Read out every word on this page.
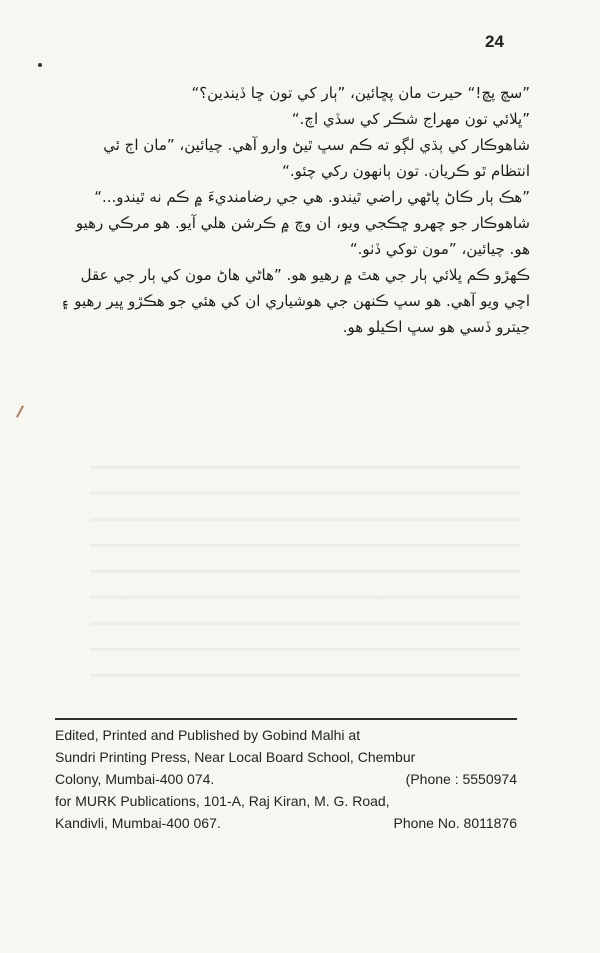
24

”سچ پچ!“ حيرت مان پڇائين، ”ٻار کي تون ڇا ڏيندين؟“

”ڀلائي تون مهراج شڪر کي سڏي اچ.“

شاھوڪار کي ٻڌي لڳو ته ڪم سڀ ٿيڻ وارو آھي. چيائين، ”مان اڄ ئي انتظام ٿو ڪريان. تون ٻانهون رکي چئو.“

”ھڪ ٻار ڪاڻ پاڻھي راضي ٿيندو. ھي جي رضامنديءَ ۾ ڪم نه ٿيندو...“

شاھوڪار جو چھرو ڇڪجي ويو، ان وچ ۾ ڪرشن هلي آيو. ھو مرڪي رھيو ھو. چيائين، ”مون توکي ڏٺو.“

ڪھڙو ڪم ڀلائي ٻار جي هٿ ۾ رهيو ھو. ”ھاڻي ھاڻ مون کي ٻار جي عقل اچي ويو آھي. ھو سڀ ڪنھن جي هوشياري ان کي ھئي جو هڪڙو ڀير رهيو ۽ جيترو ڏسي ھو سڀ اڪيلو ھو.

Edited, Printed and Published by Gobind Malhi at
Sundri Printing Press, Near Local Board School, Chembur
Colony, Mumbai-400 074.	(Phone : 5550974
for MURK Publications, 101-A, Raj Kiran, M. G. Road,
Kandivli, Mumbai-400 067.	Phone No. 8011876
